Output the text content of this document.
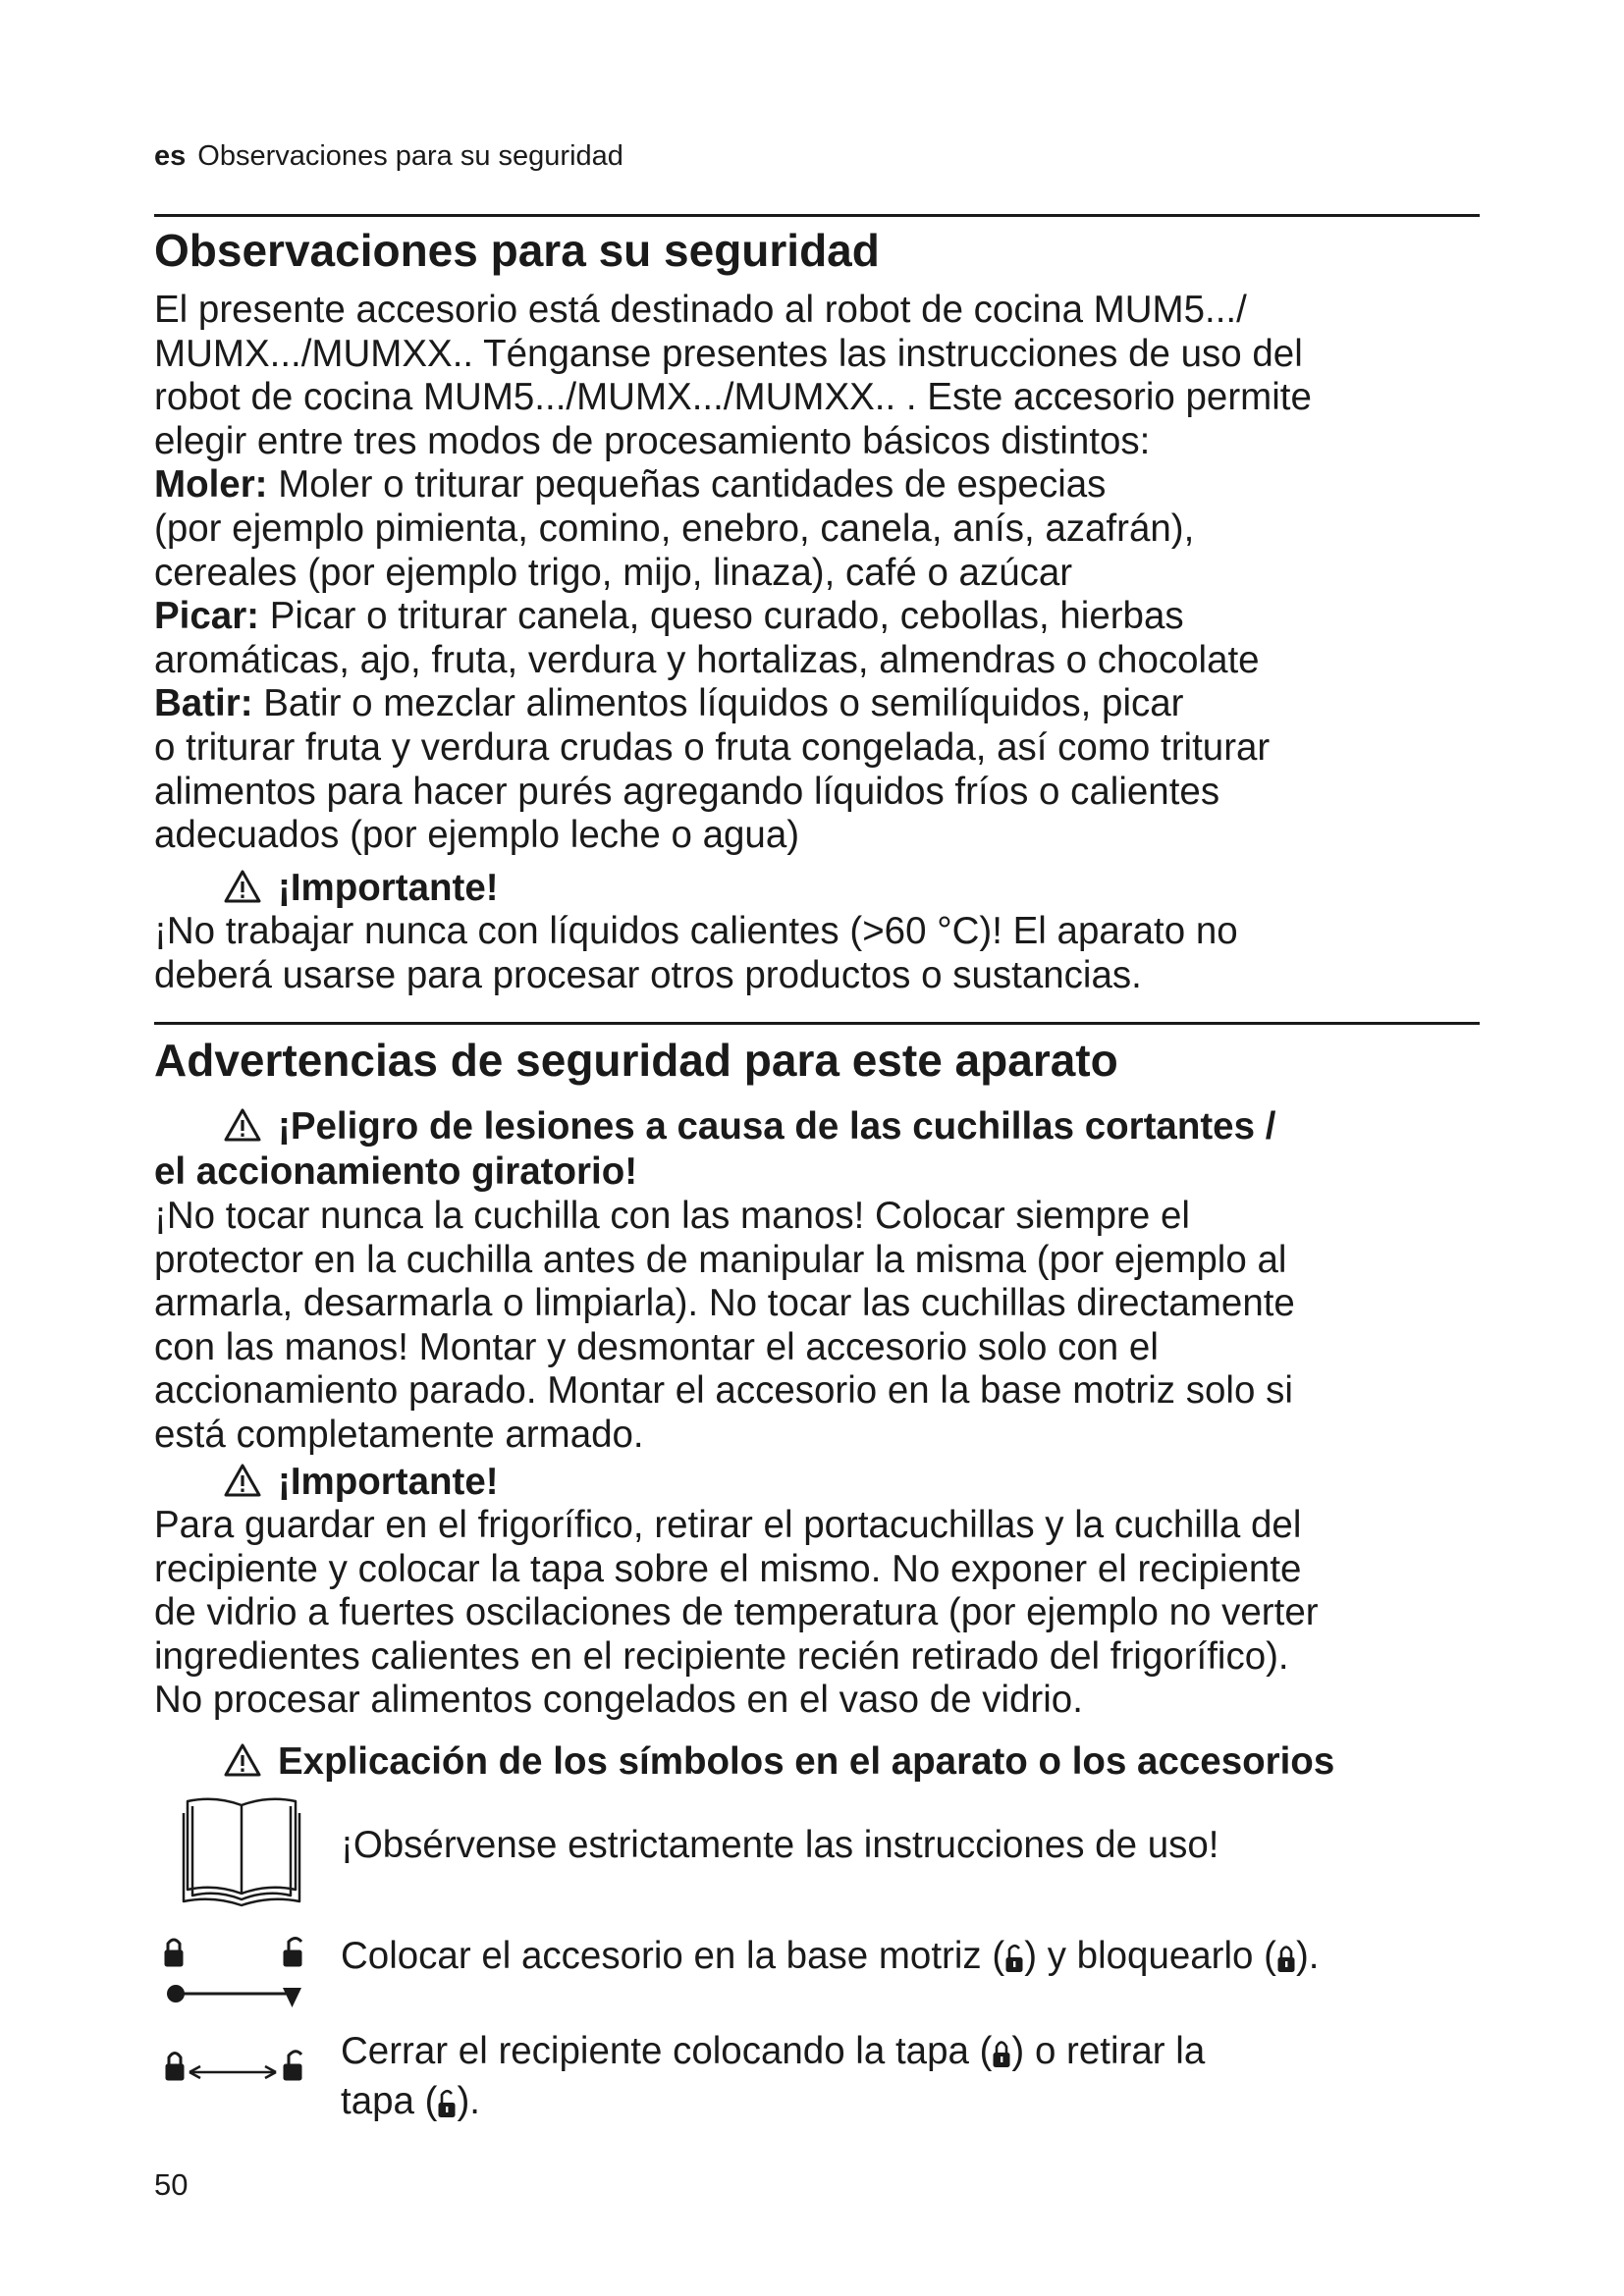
es Observaciones para su seguridad
Observaciones para su seguridad
El presente accesorio está destinado al robot de cocina MUM5.../
MUMX.../MUMXX.. Ténganse presentes las instrucciones de uso del
robot de cocina MUM5.../MUMX.../MUMXX.. . Este accesorio permite
elegir entre tres modos de procesamiento básicos distintos:
Moler: Moler o triturar pequeñas cantidades de especias
(por ejemplo pimienta, comino, enebro, canela, anís, azafrán),
cereales (por ejemplo trigo, mijo, linaza), café o azúcar
Picar: Picar o triturar canela, queso curado, cebollas, hierbas
aromáticas, ajo, fruta, verdura y hortalizas, almendras o chocolate
Batir: Batir o mezclar alimentos líquidos o semilíquidos, picar
o triturar fruta y verdura crudas o fruta congelada, así como triturar
alimentos para hacer purés agregando líquidos fríos o calientes
adecuados (por ejemplo leche o agua)
¡Importante!
¡No trabajar nunca con líquidos calientes (>60 °C)! El aparato no
deberá usarse para procesar otros productos o sustancias.
Advertencias de seguridad para este aparato
¡Peligro de lesiones a causa de las cuchillas cortantes /
el accionamiento giratorio!
¡No tocar nunca la cuchilla con las manos! Colocar siempre el
protector en la cuchilla antes de manipular la misma (por ejemplo al
armarla, desarmarla o limpiarla). No tocar las cuchillas directamente
con las manos! Montar y desmontar el accesorio solo con el
accionamiento parado. Montar el accesorio en la base motriz solo si
está completamente armado.
¡Importante!
Para guardar en el frigorífico, retirar el portacuchillas y la cuchilla del
recipiente y colocar la tapa sobre el mismo. No exponer el recipiente
de vidrio a fuertes oscilaciones de temperatura (por ejemplo no verter
ingredientes calientes en el recipiente recién retirado del frigorífico).
No procesar alimentos congelados en el vaso de vidrio.
Explicación de los símbolos en el aparato o los accesorios
¡Obsérvense estrictamente las instrucciones de uso!
Colocar el accesorio en la base motriz ( ) y bloquearlo ( ).
Cerrar el recipiente colocando la tapa ( ) o retirar la
tapa ( ).
50
